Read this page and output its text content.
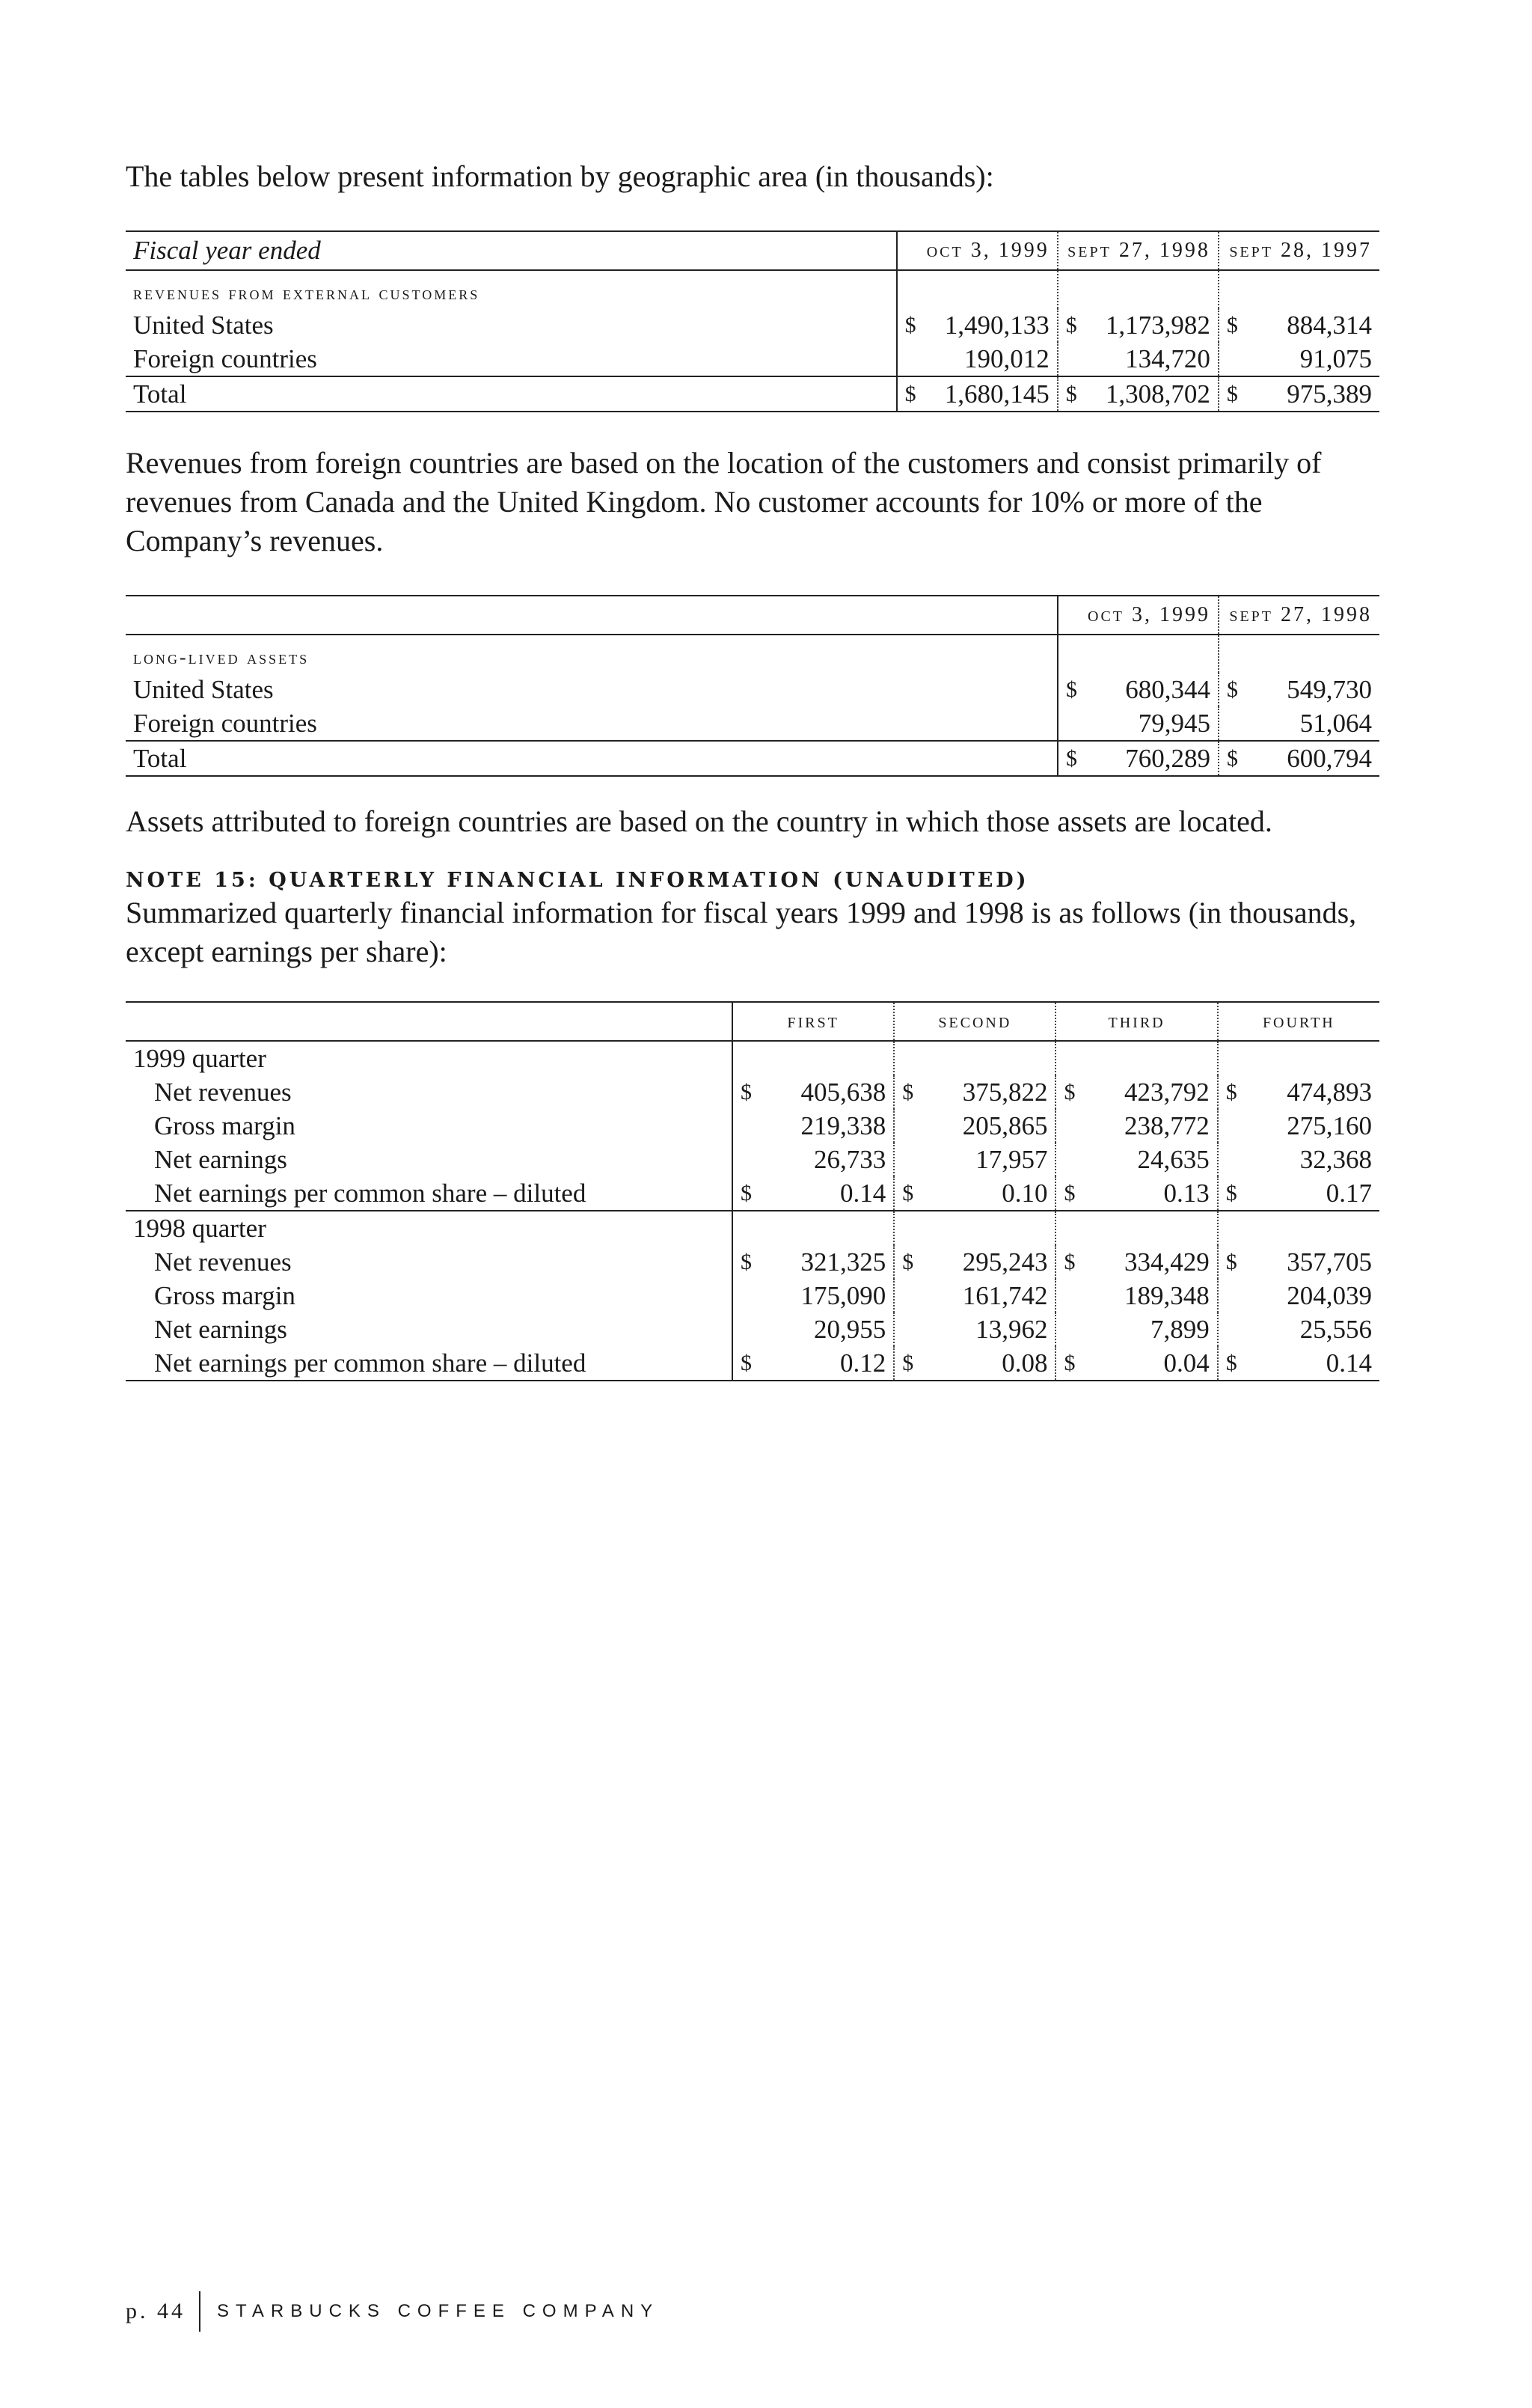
The tables below present information by geographic area (in thousands):

Fiscal year ended	oct 3, 1999	sept 27, 1998	sept 28, 1997
revenues from external customers			
United States	$ 1,490,133	$ 1,173,982	$ 884,314
Foreign countries	190,012	134,720	91,075
Total	$ 1,680,145	$ 1,308,702	$ 975,389

Revenues from foreign countries are based on the location of the customers and consist primarily of revenues from Canada and the United Kingdom. No customer accounts for 10% or more of the Company’s revenues.

	oct 3, 1999	sept 27, 1998
long-lived assets		
United States	$ 680,344	$ 549,730
Foreign countries	79,945	51,064
Total	$ 760,289	$ 600,794

Assets attributed to foreign countries are based on the country in which those assets are located.

NOTE 15: QUARTERLY FINANCIAL INFORMATION (UNAUDITED)

Summarized quarterly financial information for fiscal years 1999 and 1998 is as follows (in thousands, except earnings per share):

	first	second	third	fourth
1999 quarter				
Net revenues	$ 405,638	$ 375,822	$ 423,792	$ 474,893
Gross margin	219,338	205,865	238,772	275,160
Net earnings	26,733	17,957	24,635	32,368
Net earnings per common share – diluted	$ 0.14	$ 0.10	$ 0.13	$ 0.17
1998 quarter				
Net revenues	$ 321,325	$ 295,243	$ 334,429	$ 357,705
Gross margin	175,090	161,742	189,348	204,039
Net earnings	20,955	13,962	7,899	25,556
Net earnings per common share – diluted	$ 0.12	$ 0.08	$ 0.04	$ 0.14
p. 44	STARBUCKS COFFEE COMPANY
